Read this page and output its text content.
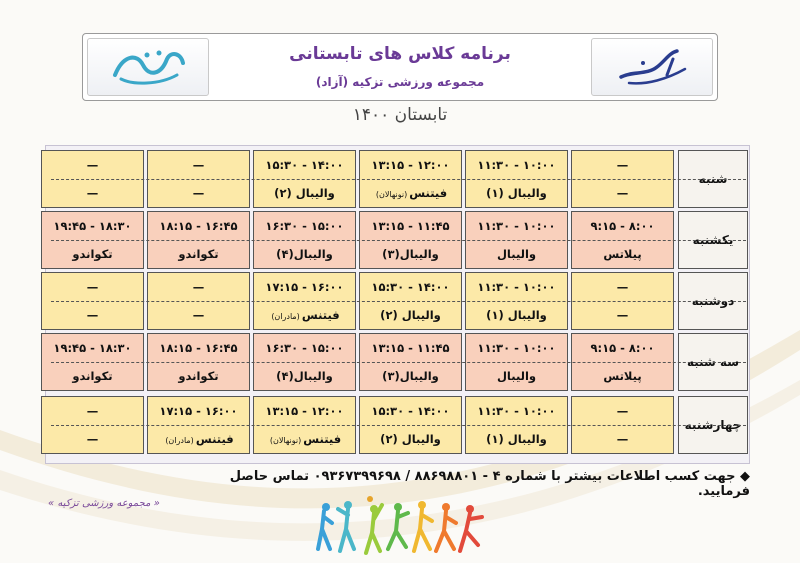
برنامه کلاس های تابستانی
مجموعه ورزشی تزکیه (آزاد)
تابستان ۱۴۰۰
شنبه
—
—
۱۰:۰۰ - ۱۱:۳۰
والیبال (۱)
۱۲:۰۰ - ۱۳:۱۵
فیتنس(نونهالان)
۱۴:۰۰ - ۱۵:۳۰
والیبال (۲)
—
—
—
—
یکشنبه
۸:۰۰ - ۹:۱۵
پیلاتس
۱۰:۰۰ - ۱۱:۳۰
والیبال
۱۱:۴۵ - ۱۳:۱۵
والیبال(۳)
۱۵:۰۰ - ۱۶:۳۰
والیبال(۴)
۱۶:۴۵ - ۱۸:۱۵
تکواندو
۱۸:۳۰ - ۱۹:۴۵
تکواندو
دوشنبه
—
—
۱۰:۰۰ - ۱۱:۳۰
والیبال (۱)
۱۴:۰۰ - ۱۵:۳۰
والیبال (۲)
۱۶:۰۰ - ۱۷:۱۵
فیتنس(مادران)
—
—
—
—
سه شنبه
۸:۰۰ - ۹:۱۵
پیلاتس
۱۰:۰۰ - ۱۱:۳۰
والیبال
۱۱:۴۵ - ۱۳:۱۵
والیبال(۳)
۱۵:۰۰ - ۱۶:۳۰
والیبال(۴)
۱۶:۴۵ - ۱۸:۱۵
تکواندو
۱۸:۳۰ - ۱۹:۴۵
تکواندو
چهارشنبه
—
—
۱۰:۰۰ - ۱۱:۳۰
والیبال (۱)
۱۴:۰۰ - ۱۵:۳۰
والیبال (۲)
۱۲:۰۰ - ۱۳:۱۵
فیتنس(نونهالان)
۱۶:۰۰ - ۱۷:۱۵
فیتنس(مادران)
—
—
◆ جهت کسب اطلاعات بیشتر با شماره ۴ - ۸۸۶۹۸۸۰۱ / ۰۹۳۶۷۳۹۹۶۹۸ تماس حاصل فرمایید.
« مجموعه ورزشی تزکیه »
